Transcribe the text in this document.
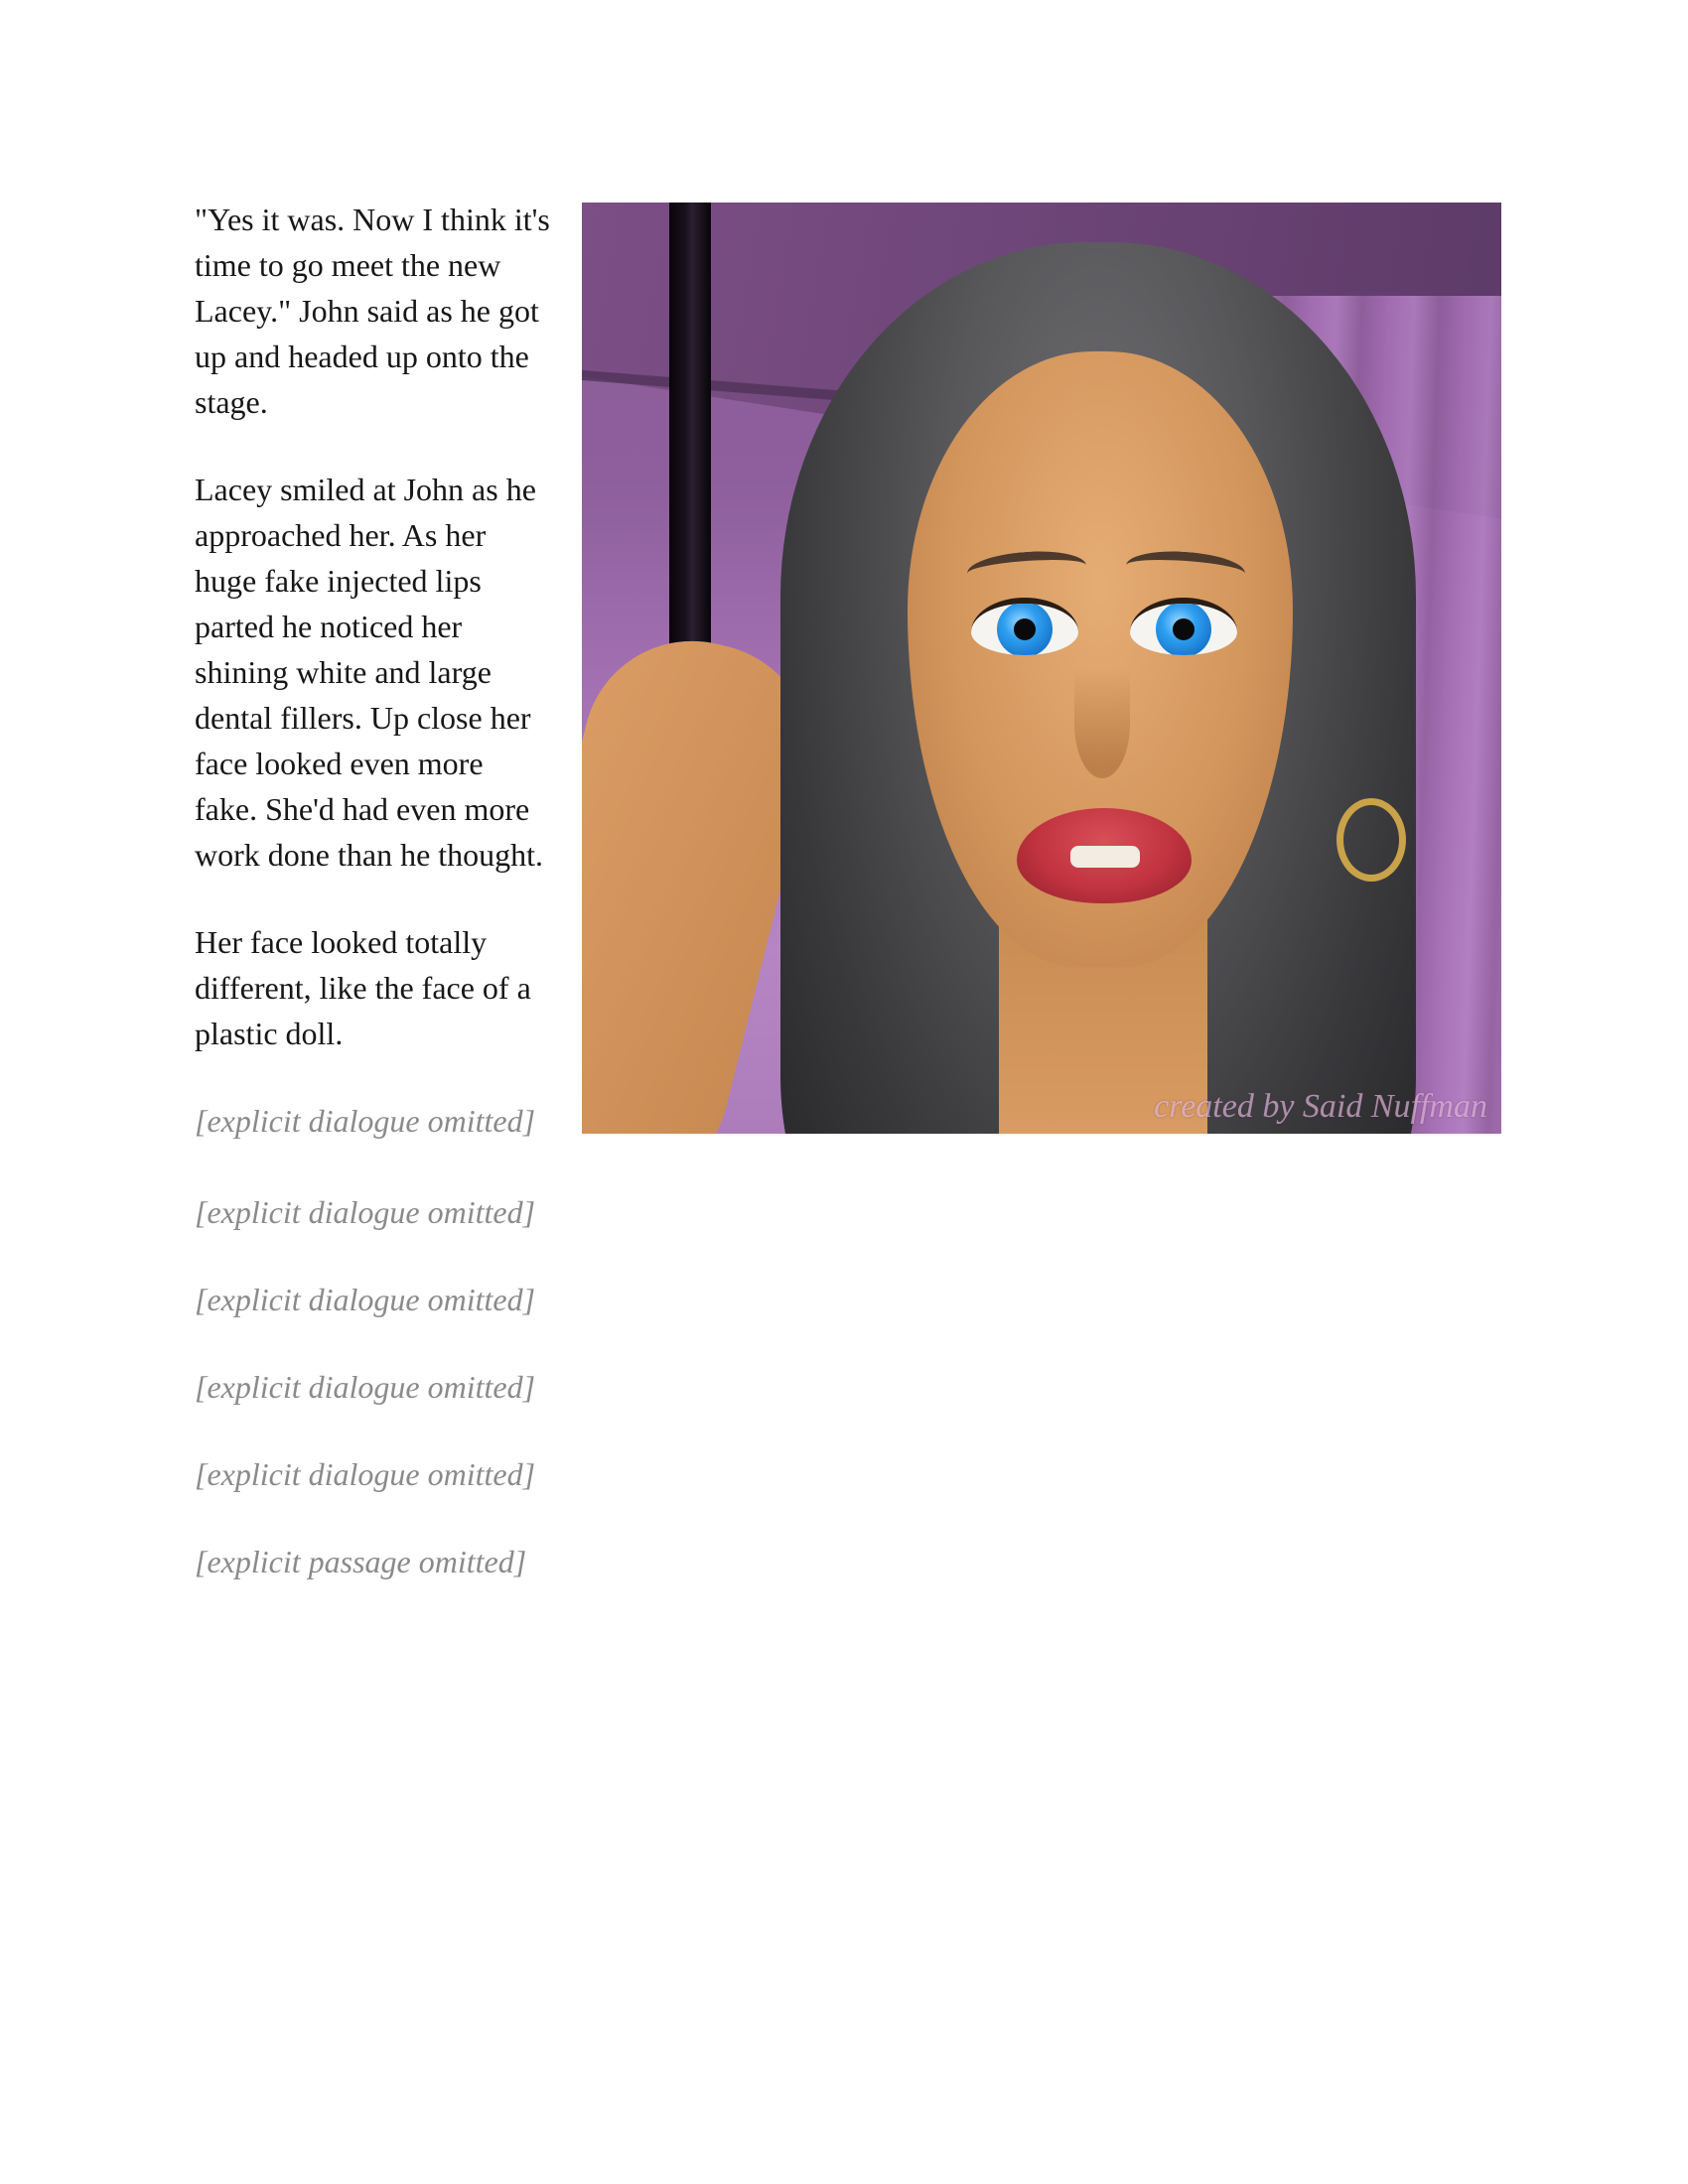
created by Said Nuffman

"Yes it was. Now I think it's time to go meet the new Lacey." John said as he got up and headed up onto the stage.

Lacey smiled at John as he approached her. As her huge fake injected lips parted he noticed her shining white and large dental fillers. Up close her face looked even more fake. She'd had even more work done than he thought.

Her face looked totally different, like the face of a plastic doll.

[explicit dialogue omitted]

[explicit dialogue omitted]

[explicit dialogue omitted]

[explicit dialogue omitted]

[explicit dialogue omitted]

[explicit passage omitted]
